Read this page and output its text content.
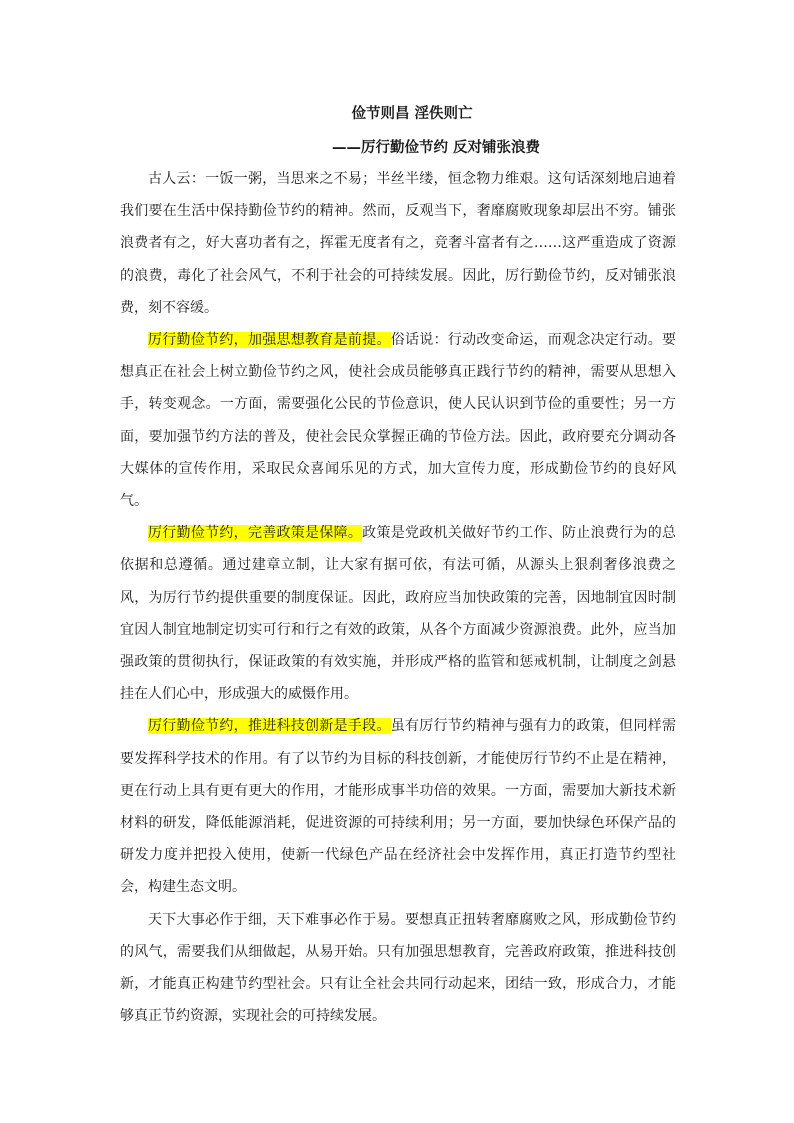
俭节则昌 淫佚则亡
——厉行勤俭节约 反对铺张浪费

古人云：一饭一粥，当思来之不易；半丝半缕，恒念物力维艰。这句话深刻地启迪着我们要在生活中保持勤俭节约的精神。然而，反观当下，奢靡腐败现象却层出不穷。铺张浪费者有之，好大喜功者有之，挥霍无度者有之，竞奢斗富者有之……这严重造成了资源的浪费，毒化了社会风气，不利于社会的可持续发展。因此，厉行勤俭节约，反对铺张浪费，刻不容缓。

厉行勤俭节约，加强思想教育是前提。俗话说：行动改变命运，而观念决定行动。要想真正在社会上树立勤俭节约之风，使社会成员能够真正践行节约的精神，需要从思想入手，转变观念。一方面，需要强化公民的节俭意识，使人民认识到节俭的重要性；另一方面，要加强节约方法的普及，使社会民众掌握正确的节俭方法。因此，政府要充分调动各大媒体的宣传作用，采取民众喜闻乐见的方式，加大宣传力度，形成勤俭节约的良好风气。

厉行勤俭节约，完善政策是保障。政策是党政机关做好节约工作、防止浪费行为的总依据和总遵循。通过建章立制，让大家有据可依，有法可循，从源头上狠刹奢侈浪费之风，为厉行节约提供重要的制度保证。因此，政府应当加快政策的完善，因地制宜因时制宜因人制宜地制定切实可行和行之有效的政策，从各个方面减少资源浪费。此外，应当加强政策的贯彻执行，保证政策的有效实施，并形成严格的监管和惩戒机制，让制度之剑悬挂在人们心中，形成强大的威慑作用。

厉行勤俭节约，推进科技创新是手段。虽有厉行节约精神与强有力的政策，但同样需要发挥科学技术的作用。有了以节约为目标的科技创新，才能使厉行节约不止是在精神，更在行动上具有更有更大的作用，才能形成事半功倍的效果。一方面，需要加大新技术新材料的研发，降低能源消耗，促进资源的可持续利用；另一方面，要加快绿色环保产品的研发力度并把投入使用，使新一代绿色产品在经济社会中发挥作用，真正打造节约型社会，构建生态文明。

天下大事必作于细，天下难事必作于易。要想真正扭转奢靡腐败之风，形成勤俭节约的风气，需要我们从细做起，从易开始。只有加强思想教育，完善政府政策，推进科技创新，才能真正构建节约型社会。只有让全社会共同行动起来，团结一致，形成合力，才能够真正节约资源，实现社会的可持续发展。
